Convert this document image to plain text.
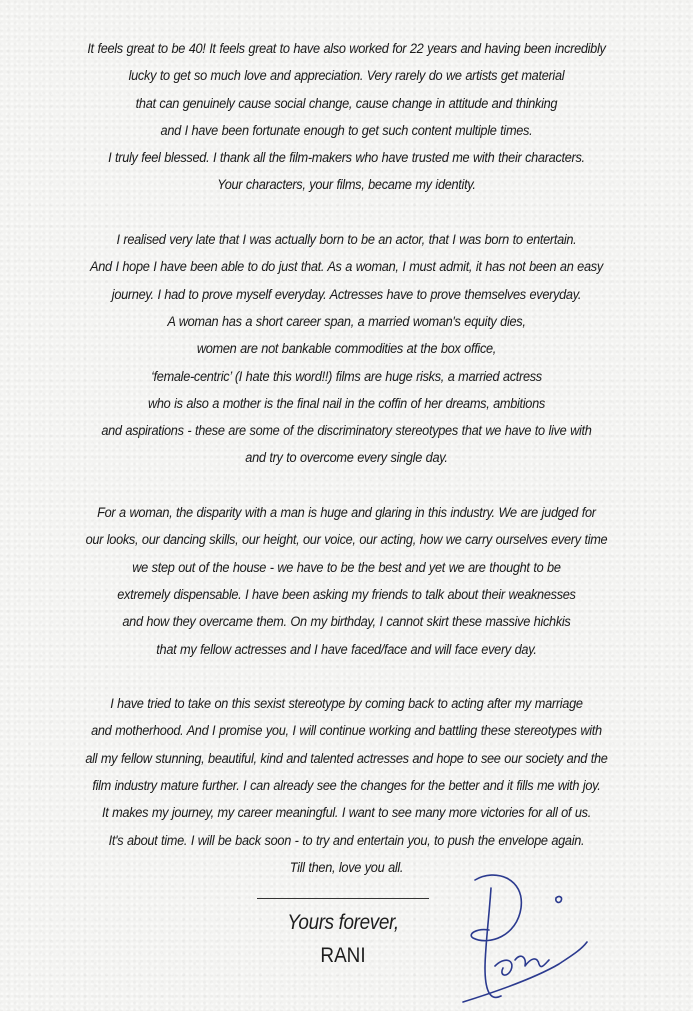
It feels great to be 40! It feels great to have also worked for 22 years and having been incredibly
lucky to get so much love and appreciation. Very rarely do we artists get material
that can genuinely cause social change, cause change in attitude and thinking
and I have been fortunate enough to get such content multiple times.
I truly feel blessed. I thank all the film-makers who have trusted me with their characters.
Your characters, your films, became my identity.

I realised very late that I was actually born to be an actor, that I was born to entertain.
And I hope I have been able to do just that. As a woman, I must admit, it has not been an easy
journey. I had to prove myself everyday. Actresses have to prove themselves everyday.
A woman has a short career span, a married woman's equity dies,
women are not bankable commodities at the box office,
‘female-centric’ (I hate this word!!) films are huge risks, a married actress
who is also a mother is the final nail in the coffin of her dreams, ambitions
and aspirations - these are some of the discriminatory stereotypes that we have to live with
and try to overcome every single day.

For a woman, the disparity with a man is huge and glaring in this industry. We are judged for
our looks, our dancing skills, our height, our voice, our acting, how we carry ourselves every time
we step out of the house - we have to be the best and yet we are thought to be
extremely dispensable. I have been asking my friends to talk about their weaknesses
and how they overcame them. On my birthday, I cannot skirt these massive hichkis
that my fellow actresses and I have faced/face and will face every day.

I have tried to take on this sexist stereotype by coming back to acting after my marriage
and motherhood. And I promise you, I will continue working and battling these stereotypes with
all my fellow stunning, beautiful, kind and talented actresses and hope to see our society and the
film industry mature further. I can already see the changes for the better and it fills me with joy.
It makes my journey, my career meaningful. I want to see many more victories for all of us.
It's about time. I will be back soon - to try and entertain you, to push the envelope again.
Till then, love you all.

Yours forever,
RANI
